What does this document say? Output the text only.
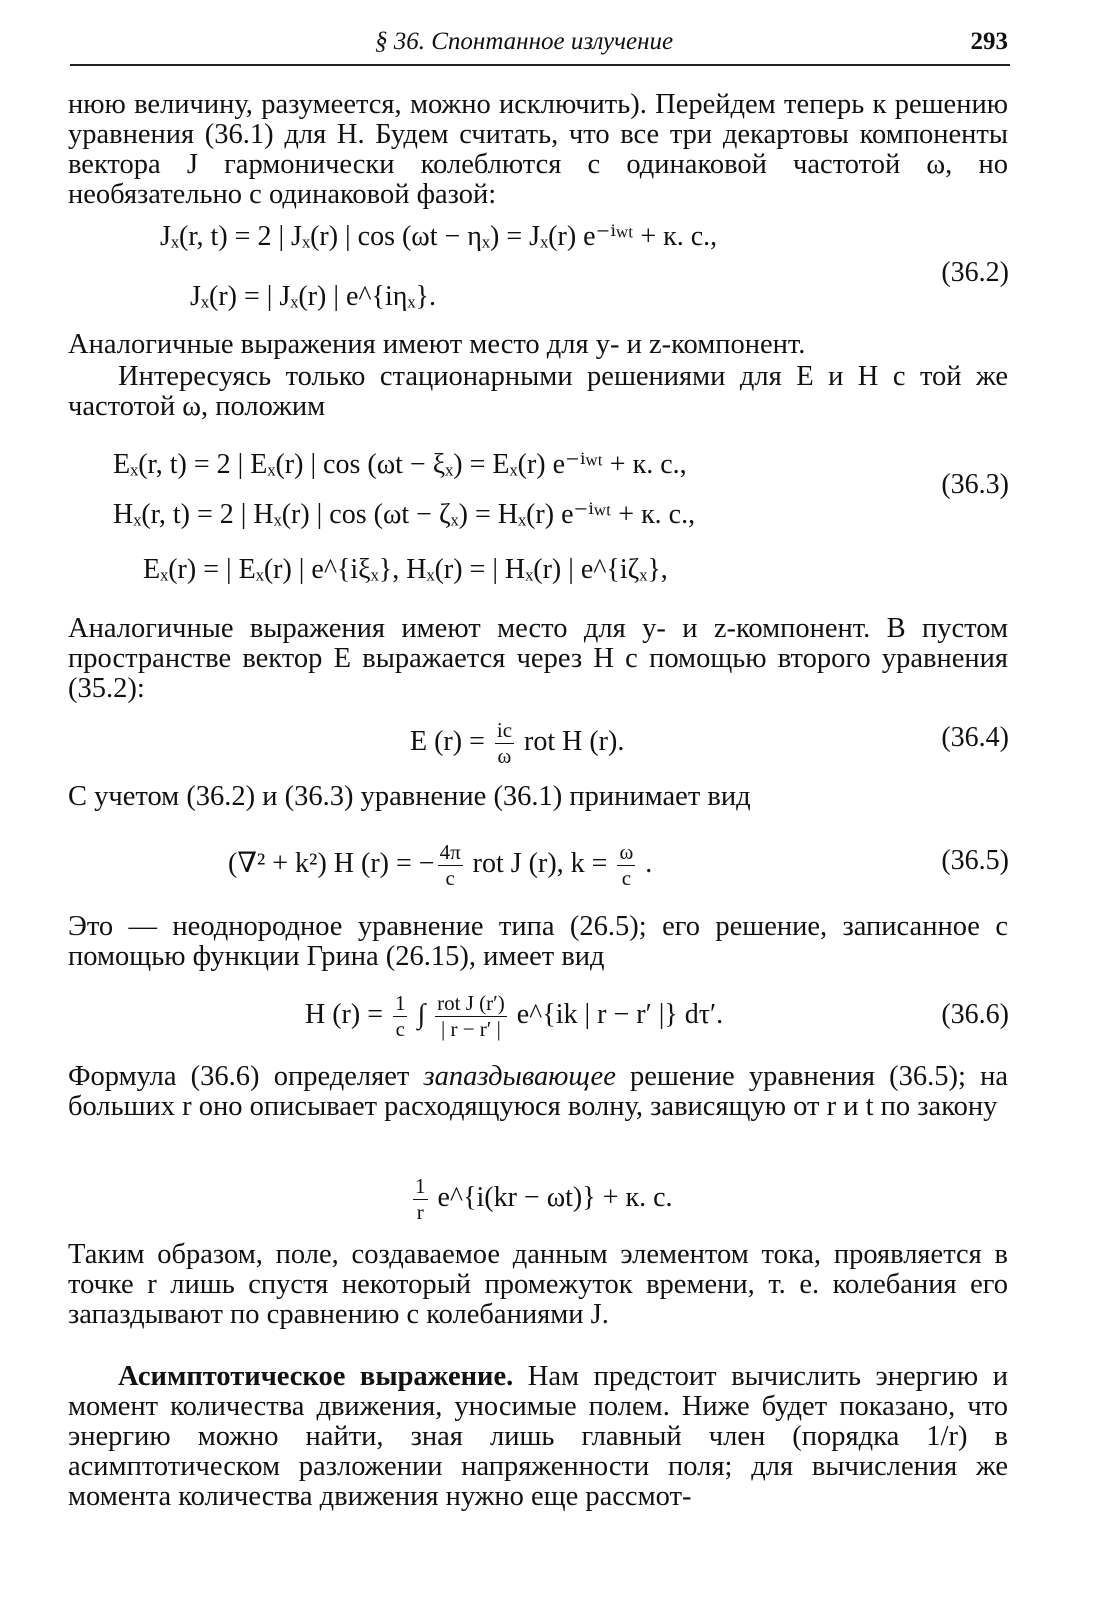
§ 36. Спонтанное излучение	293
нюю величину, разумеется, можно исключить). Перейдем теперь к решению уравнения (36.1) для H. Будем считать, что все три декартовы компоненты вектора J гармонически колеблются с одинаковой частотой ω, но необязательно с одинаковой фазой:
Jₓ(r, t) = 2 | Jₓ(r) | cos (ωt − ηₓ) = Jₓ(r) e⁻ⁱʷᵗ + к. с.,
Jₓ(r) = | Jₓ(r) | e^{iηₓ}.
(36.2)
Аналогичные выражения имеют место для y- и z-компонент.
Интересуясь только стационарными решениями для E и H с той же частотой ω, положим
Eₓ(r, t) = 2 | Eₓ(r) | cos (ωt − ξₓ) = Eₓ(r) e⁻ⁱʷᵗ + к. с.,
Hₓ(r, t) = 2 | Hₓ(r) | cos (ωt − ζₓ) = Hₓ(r) e⁻ⁱʷᵗ + к. с.,
Eₓ(r) = | Eₓ(r) | e^{iξₓ}, Hₓ(r) = | Hₓ(r) | e^{iζₓ},
(36.3)
Аналогичные выражения имеют место для y- и z-компонент. В пустом пространстве вектор E выражается через H с помощью второго уравнения (35.2):
E $(r) = \frac{ic}{\omega}$ rot H (r).	(36.4)
С учетом (36.2) и (36.3) уравнение (36.1) принимает вид
(∇² + k²) H (r) = − $\frac{4\pi}{c}$ rot J (r), $k = \frac{\omega}{c}$ .	(36.5)
Это — неоднородное уравнение типа (26.5); его решение, записанное с помощью функции Грина (26.15), имеет вид
H $(r) = \frac{1}{c}$ ∫ $\frac{\text{rot J (r′)}}{| r - r' |}$ e^{ik | r − r′ |} dτ′.	(36.6)
Формула (36.6) определяет запаздывающее решение уравнения (36.5); на больших r оно описывает расходящуюся волну, зависящую от r и t по закону
$\frac{1}{r}$ e^{i(kr − ωt)} + к. с.
Таким образом, поле, создаваемое данным элементом тока, проявляется в точке r лишь спустя некоторый промежуток времени, т. е. колебания его запаздывают по сравнению с колебаниями J.
Асимптотическое выражение. Нам предстоит вычислить энергию и момент количества движения, уносимые полем. Ниже будет показано, что энергию можно найти, зная лишь главный член (порядка 1/r) в асимптотическом разложении напряженности поля; для вычисления же момента количества движения нужно еще рассмот-
